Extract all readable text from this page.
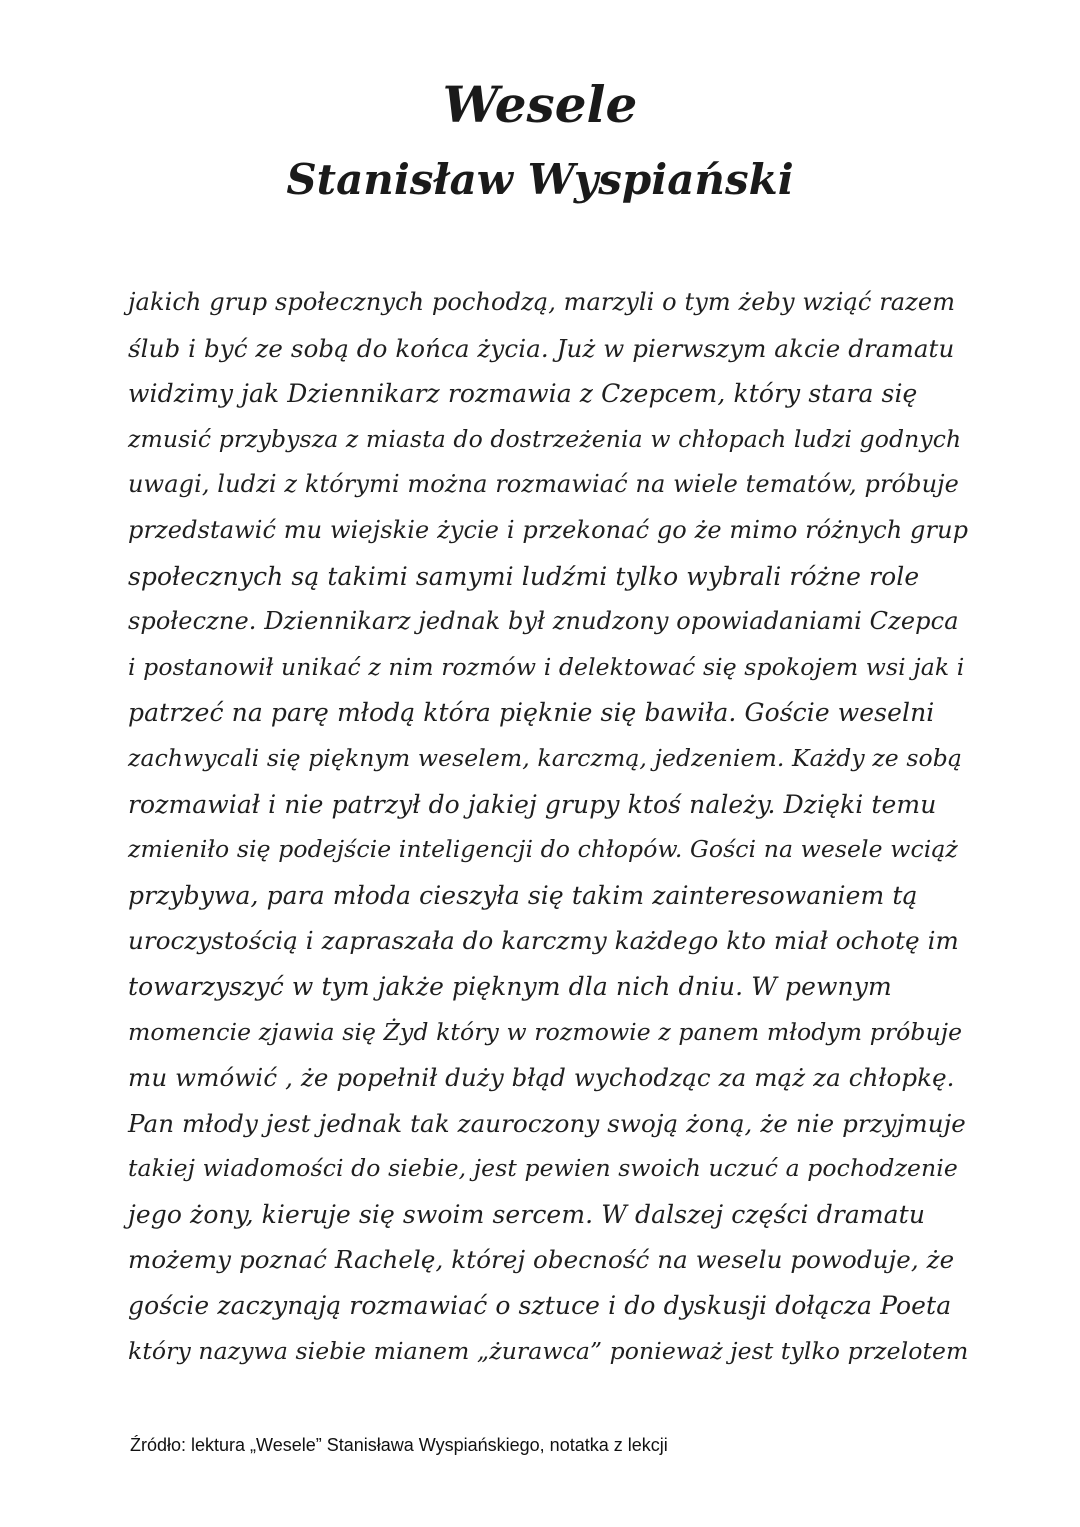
Wesele
Stanisław Wyspiański
jakich grup społecznych pochodzą, marzyli o tym żeby wziąć razem
ślub i być ze sobą do końca życia. Już w pierwszym akcie dramatu
widzimy jak Dziennikarz rozmawia z Czepcem, który stara się
zmusić przybysza z miasta do dostrzeżenia w chłopach ludzi godnych
uwagi, ludzi z którymi można rozmawiać na wiele tematów, próbuje
przedstawić mu wiejskie życie i przekonać go że mimo różnych grup
społecznych są takimi samymi ludźmi tylko wybrali różne role
społeczne. Dziennikarz jednak był znudzony opowiadaniami Czepca
i postanowił unikać z nim rozmów i delektować się spokojem wsi jak i
patrzeć na parę młodą która pięknie się bawiła. Goście weselni
zachwycali się pięknym weselem, karczmą, jedzeniem. Każdy ze sobą
rozmawiał i nie patrzył do jakiej grupy ktoś należy. Dzięki temu
zmieniło się podejście inteligencji do chłopów. Gości na wesele wciąż
przybywa, para młoda cieszyła się takim zainteresowaniem tą
uroczystością i zapraszała do karczmy każdego kto miał ochotę im
towarzyszyć w tym jakże pięknym dla nich dniu. W pewnym
momencie zjawia się Żyd który w rozmowie z panem młodym próbuje
mu wmówić , że popełnił duży błąd wychodząc za mąż za chłopkę.
Pan młody jest jednak tak zauroczony swoją żoną, że nie przyjmuje
takiej wiadomości do siebie, jest pewien swoich uczuć a pochodzenie
jego żony, kieruje się swoim sercem. W dalszej części dramatu
możemy poznać Rachelę, której obecność na weselu powoduje, że
goście zaczynają rozmawiać o sztuce i do dyskusji dołącza Poeta
który nazywa siebie mianem „żurawca” ponieważ jest tylko przelotem
Źródło: lektura „Wesele” Stanisława Wyspiańskiego, notatka z lekcji
